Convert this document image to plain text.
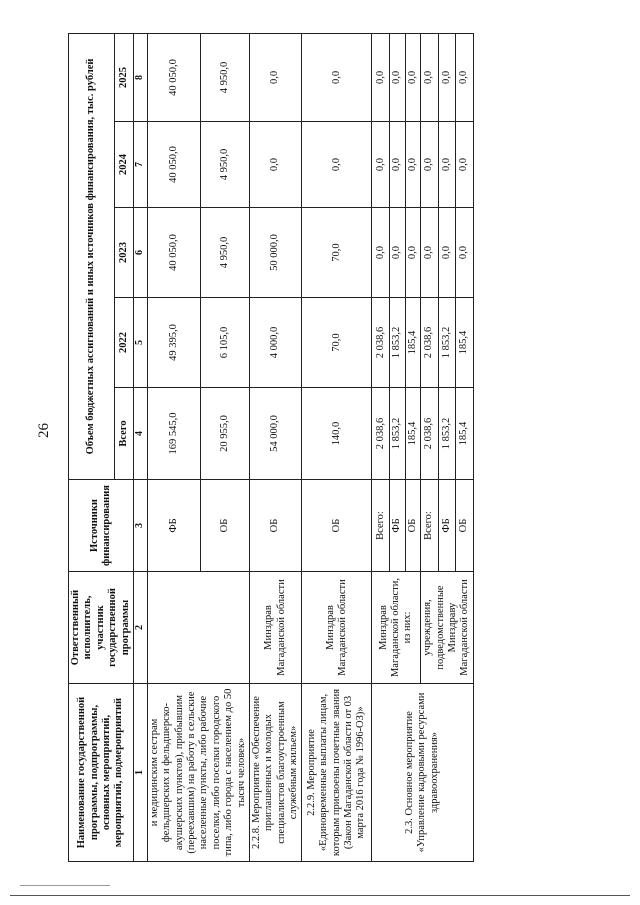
26
Наименование государственной программы, подпрограммы, основных мероприятий, мероприятий, подмероприятий	Ответственный исполнитель, участник государственной программы	Источники финансирования	Объем бюджетных ассигнований и иных источников финансирования, тыс. рублей				
			Всего	2022	2023	2024	2025
1	2	3	4	5	6	7	8
и медицинским сестрам фельдшерских и фельдшерско-акушерских пунктов), прибывшим (переехавшим) на работу в сельские населенные пункты, либо рабочие поселки, либо поселки городского типа, либо города с населением до 50 тысяч человек»		ФБ	169 545,0	49 395,0	40 050,0	40 050,0	40 050,0
		ОБ	20 955,0	6 105,0	4 950,0	4 950,0	4 950,0
2.2.8. Мероприятие «Обеспечение приглашенных и молодых специалистов благоустроенным служебным жильем»	Минздрав Магаданской области	ОБ	54 000,0	4 000,0	50 000,0	0,0	0,0
2.2.9. Мероприятие «Единовременные выплаты лицам, которым присвоены почетные звания (Закон Магаданской области от 03 марта 2016 года № 1996-ОЗ)»	Минздрав Магаданской области	ОБ	140,0	70,0	70,0	0,0	0,0
2.3. Основное мероприятие «Управление кадровыми ресурсами здравоохранения»	Минздрав Магаданской области, из них:	Всего:	2 038,6	2 038,6	0,0	0,0	0,0
		ФБ	1 853,2	1 853,2	0,0	0,0	0,0
		ОБ	185,4	185,4	0,0	0,0	0,0
	учреждения, подведомственные Минздраву Магаданской области	Всего:	2 038,6	2 038,6	0,0	0,0	0,0
		ФБ	1 853,2	1 853,2	0,0	0,0	0,0
		ОБ	185,4	185,4	0,0	0,0	0,0
